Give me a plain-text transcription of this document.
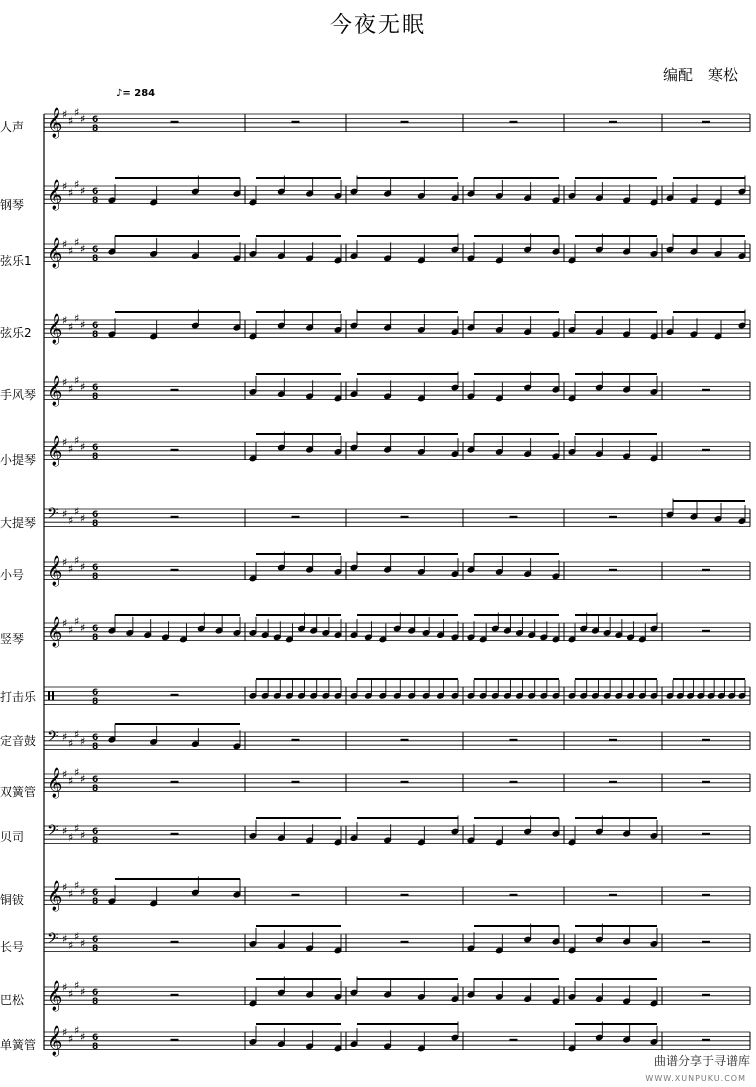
今夜无眠
编配　寒松
♪= 284
人声
钢琴
弦乐1
弦乐2
手风琴
小提琴
大提琴
小号
竖琴
打击乐
定音鼓
双簧管
贝司
铜钹
长号
巴松
单簧管
𝄞 ♯
♯
♯
♯ 6
8
𝄞 ♯
♯
♯
♯ 6
8
𝄞 ♯
♯
♯
♯ 6
8
𝄞 ♯
♯
♯
♯ 6
8
𝄞 ♯
♯
♯
♯ 6
8
𝄞 ♯
♯
♯
♯ 6
8
𝄢 ♯
♯
♯
♯ 6
8
𝄞 ♯
♯
♯
♯ 6
8
𝄞 ♯
♯
♯
♯ 6
8
6
8
𝄢 ♯
♯
♯
♯ 6
8
𝄞 ♯
♯
♯
♯ 6
8
𝄢 ♯
♯
♯
♯ 6
8
𝄞 ♯
♯
♯
♯ 6
8
𝄢 ♯
♯
♯
♯ 6
8
𝄞 ♯
♯
♯
♯ 6
8
𝄞 ♯
♯
♯
♯ 6
8
曲谱分享于寻谱库
WWW.XUNPUKU.COM
